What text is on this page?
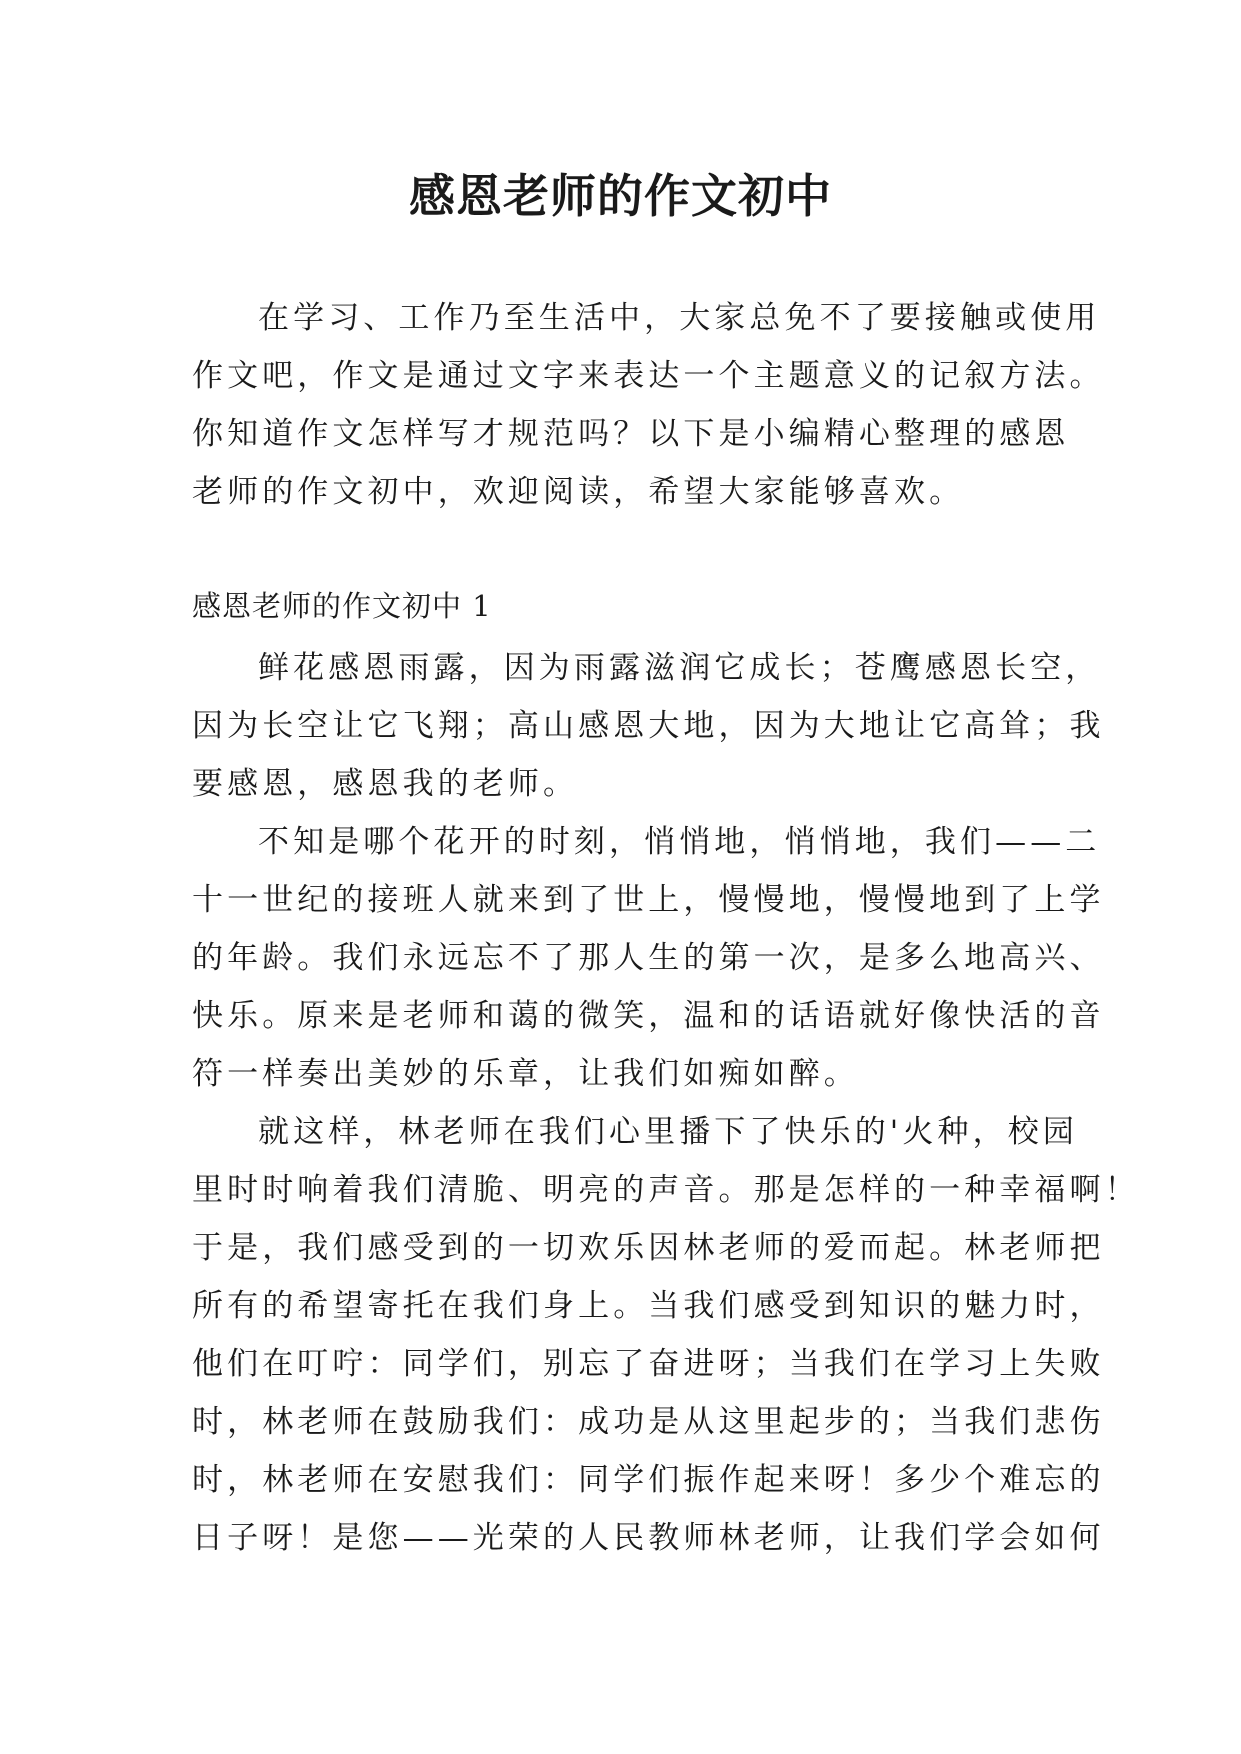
感恩老师的作文初中
在学习、工作乃至生活中，大家总免不了要接触或使用
作文吧，作文是通过文字来表达一个主题意义的记叙方法。
你知道作文怎样写才规范吗？以下是小编精心整理的感恩
老师的作文初中，欢迎阅读，希望大家能够喜欢。
感恩老师的作文初中 1
鲜花感恩雨露，因为雨露滋润它成长；苍鹰感恩长空，
因为长空让它飞翔；高山感恩大地，因为大地让它高耸；我
要感恩，感恩我的老师。
不知是哪个花开的时刻，悄悄地，悄悄地，我们——二
十一世纪的接班人就来到了世上，慢慢地，慢慢地到了上学
的年龄。我们永远忘不了那人生的第一次，是多么地高兴、
快乐。原来是老师和蔼的微笑，温和的话语就好像快活的音
符一样奏出美妙的乐章，让我们如痴如醉。
就这样，林老师在我们心里播下了快乐的'火种，校园
里时时响着我们清脆、明亮的声音。那是怎样的一种幸福啊！
于是，我们感受到的一切欢乐因林老师的爱而起。林老师把
所有的希望寄托在我们身上。当我们感受到知识的魅力时，
他们在叮咛：同学们，别忘了奋进呀；当我们在学习上失败
时，林老师在鼓励我们：成功是从这里起步的；当我们悲伤
时，林老师在安慰我们：同学们振作起来呀！多少个难忘的
日子呀！是您——光荣的人民教师林老师，让我们学会如何
